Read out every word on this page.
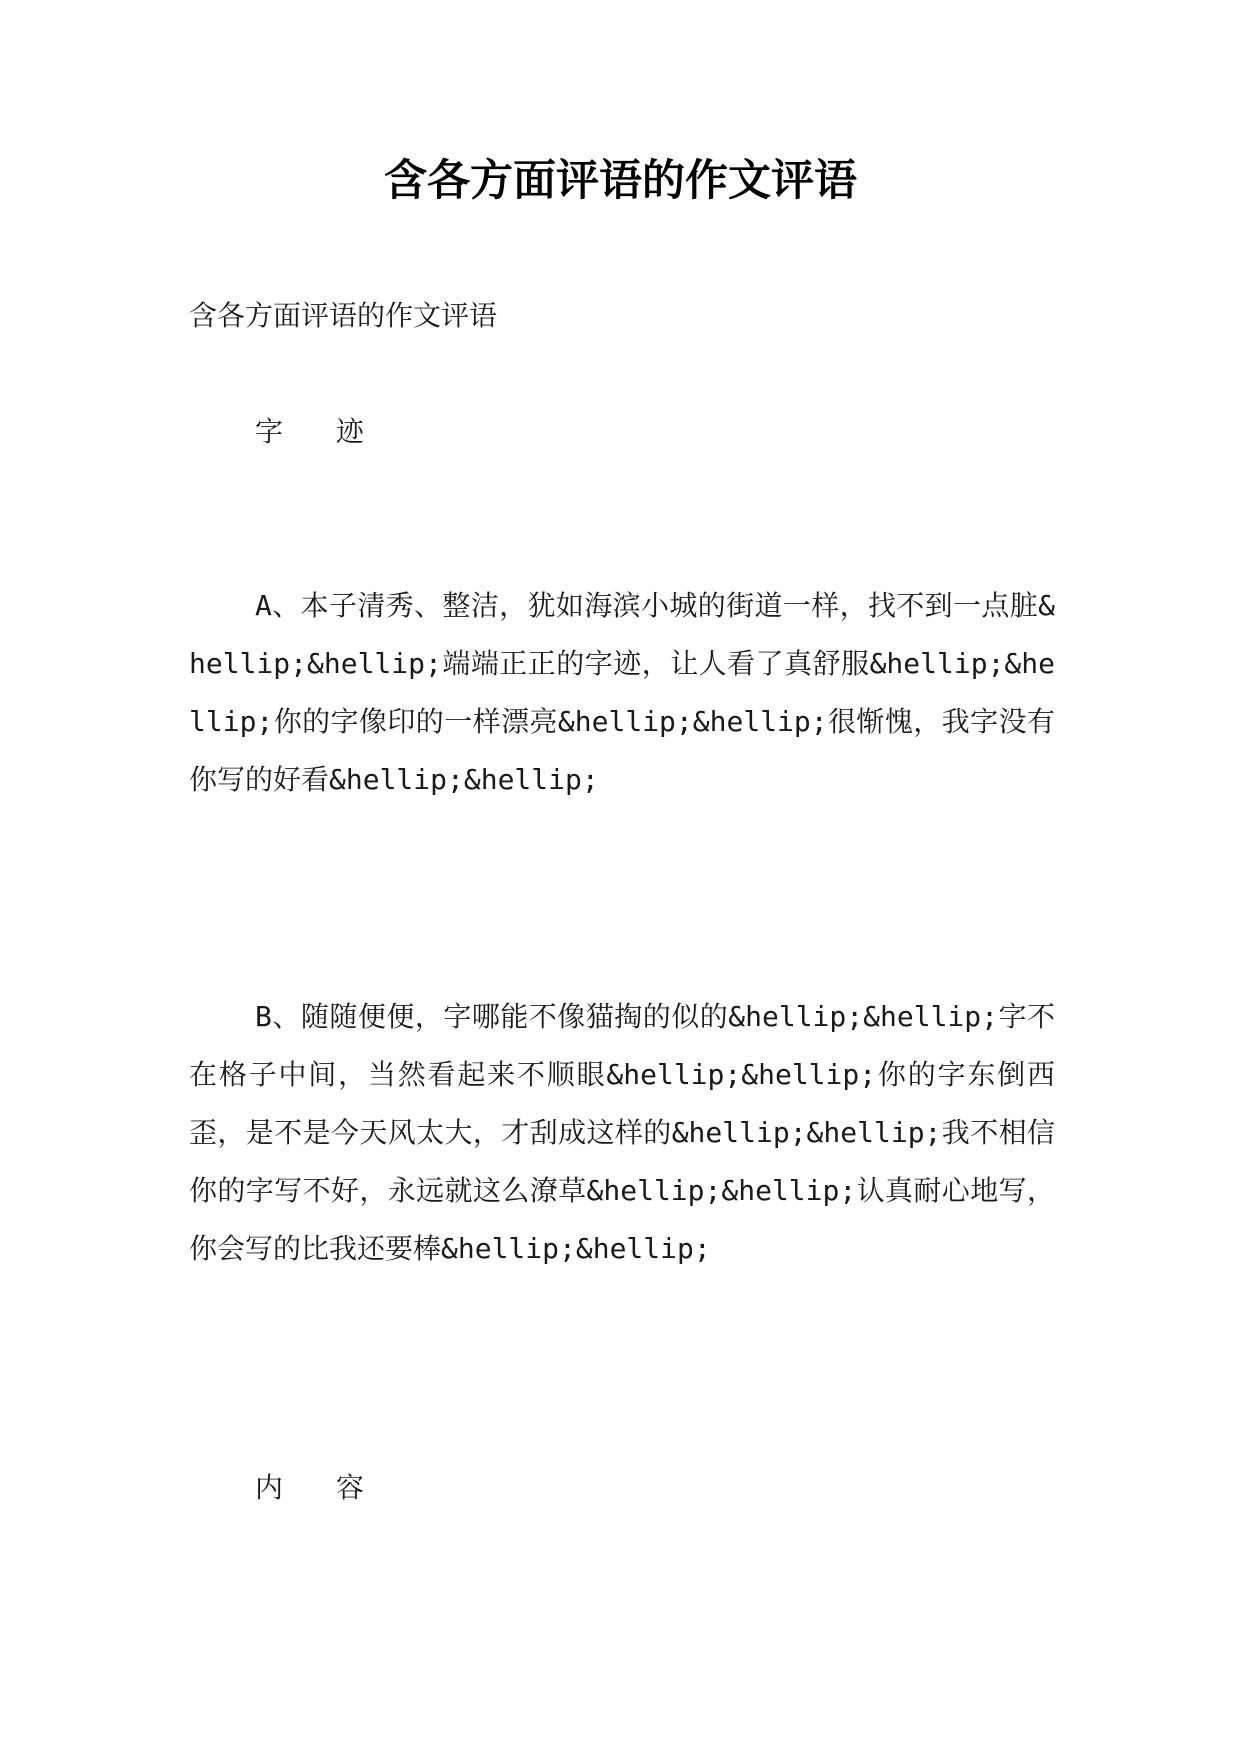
含各方面评语的作文评语

含各方面评语的作文评语

字 迹

A、本子清秀、整洁，犹如海滨小城的街道一样，找不到一点脏&hellip;&hellip;端端正正的字迹，让人看了真舒服&hellip;&hellip;你的字像印的一样漂亮&hellip;&hellip;很惭愧，我字没有你写的好看&hellip;&hellip;

B、随随便便，字哪能不像猫掏的似的&hellip;&hellip;字不在格子中间，当然看起来不顺眼&hellip;&hellip;你的字东倒西歪，是不是今天风太大，才刮成这样的&hellip;&hellip;我不相信你的字写不好，永远就这么潦草&hellip;&hellip;认真耐心地写，你会写的比我还要棒&hellip;&hellip;

内 容
